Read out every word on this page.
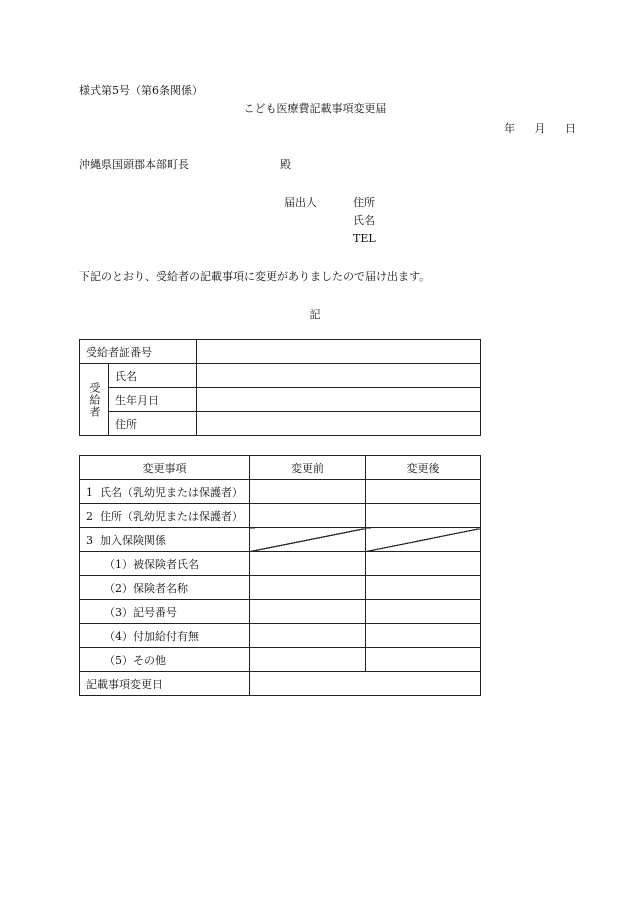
様式第5号（第6条関係）
こども医療費記載事項変更届
年 月 日
沖縄県国頭郡本部町長	殿
届出人	住所
氏名
TEL
下記のとおり、受給者の記載事項に変更がありましたので届け出ます。
記
受給者証番号		
受給者	氏名	
	生年月日	
	住所	
変更事項	変更前	変更後
1 氏名（乳幼児または保護者）		
2 住所（乳幼児または保護者）		
3 加入保険関係		
（1）被保険者氏名		
（2）保険者名称		
（3）記号番号		
（4）付加給付有無		
（5）その他		
記載事項変更日		
